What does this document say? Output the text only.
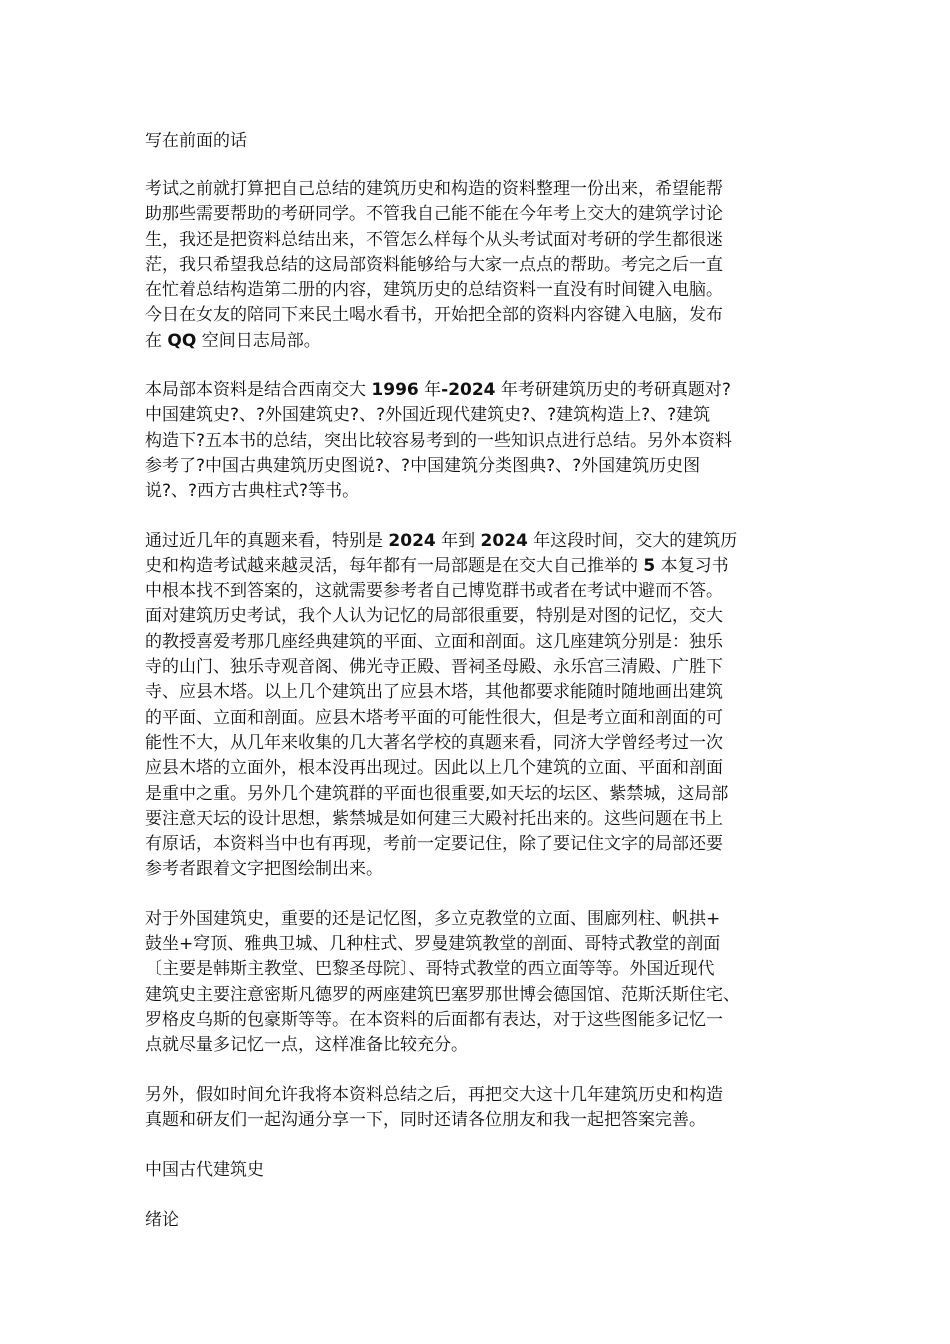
写在前面的话
考试之前就打算把自己总结的建筑历史和构造的资料整理一份出来，希望能帮
助那些需要帮助的考研同学。不管我自己能不能在今年考上交大的建筑学讨论
生，我还是把资料总结出来，不管怎么样每个从头考试面对考研的学生都很迷
茫，我只希望我总结的这局部资料能够给与大家一点点的帮助。考完之后一直
在忙着总结构造第二册的内容，建筑历史的总结资料一直没有时间键入电脑。
今日在女友的陪同下来民土喝水看书，开始把全部的资料内容键入电脑，发布
在 QQ 空间日志局部。
本局部本资料是结合西南交大 1996 年-2024 年考研建筑历史的考研真题对?
中国建筑史?、?外国建筑史?、?外国近现代建筑史?、?建筑构造上?、?建筑
构造下?五本书的总结，突出比较容易考到的一些知识点进行总结。另外本资料
参考了?中国古典建筑历史图说?、?中国建筑分类图典?、?外国建筑历史图
说?、?西方古典柱式?等书。
通过近几年的真题来看，特别是 2024 年到 2024 年这段时间，交大的建筑历
史和构造考试越来越灵活，每年都有一局部题是在交大自己推举的 5 本复习书
中根本找不到答案的，这就需要参考者自己博览群书或者在考试中避而不答。
面对建筑历史考试，我个人认为记忆的局部很重要，特别是对图的记忆，交大
的教授喜爱考那几座经典建筑的平面、立面和剖面。这几座建筑分别是：独乐
寺的山门、独乐寺观音阁、佛光寺正殿、晋祠圣母殿、永乐宫三清殿、广胜下
寺、应县木塔。以上几个建筑出了应县木塔，其他都要求能随时随地画出建筑
的平面、立面和剖面。应县木塔考平面的可能性很大，但是考立面和剖面的可
能性不大，从几年来收集的几大著名学校的真题来看，同济大学曾经考过一次
应县木塔的立面外，根本没再出现过。因此以上几个建筑的立面、平面和剖面
是重中之重。另外几个建筑群的平面也很重要,如天坛的坛区、紫禁城，这局部
要注意天坛的设计思想，紫禁城是如何建三大殿衬托出来的。这些问题在书上
有原话，本资料当中也有再现，考前一定要记住，除了要记住文字的局部还要
参考者跟着文字把图绘制出来。
对于外国建筑史，重要的还是记忆图，多立克教堂的立面、围廊列柱、帆拱+
鼓坐+穹顶、雅典卫城、几种柱式、罗曼建筑教堂的剖面、哥特式教堂的剖面
〔主要是韩斯主教堂、巴黎圣母院〕、哥特式教堂的西立面等等。外国近现代
建筑史主要注意密斯凡德罗的两座建筑巴塞罗那世博会德国馆、范斯沃斯住宅、
罗格皮乌斯的包豪斯等等。在本资料的后面都有表达，对于这些图能多记忆一
点就尽量多记忆一点，这样准备比较充分。
另外，假如时间允许我将本资料总结之后，再把交大这十几年建筑历史和构造
真题和研友们一起沟通分享一下，同时还请各位朋友和我一起把答案完善。
中国古代建筑史
绪论
